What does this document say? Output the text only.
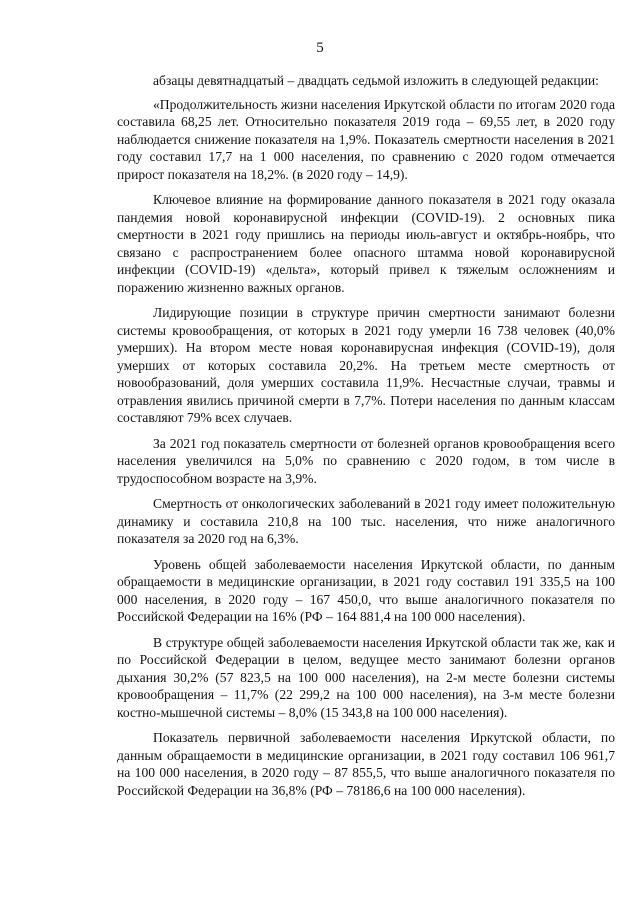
5

абзацы девятнадцатый – двадцать седьмой изложить в следующей редакции:

«Продолжительность жизни населения Иркутской области по итогам 2020 года составила 68,25 лет. Относительно показателя 2019 года – 69,55 лет, в 2020 году наблюдается снижение показателя на 1,9%. Показатель смертности населения в 2021 году составил 17,7 на 1 000 населения, по сравнению с 2020 годом отмечается прирост показателя на 18,2%. (в 2020 году – 14,9).

Ключевое влияние на формирование данного показателя в 2021 году оказала пандемия новой коронавирусной инфекции (COVID-19). 2 основных пика смертности в 2021 году пришлись на периоды июль-август и октябрь-ноябрь, что связано с распространением более опасного штамма новой коронавирусной инфекции (COVID-19) «дельта», который привел к тяжелым осложнениям и поражению жизненно важных органов.

Лидирующие позиции в структуре причин смертности занимают болезни системы кровообращения, от которых в 2021 году умерли 16 738 человек (40,0% умерших). На втором месте новая коронавирусная инфекция (COVID-19), доля умерших от которых составила 20,2%. На третьем месте смертность от новообразований, доля умерших составила 11,9%. Несчастные случаи, травмы и отравления явились причиной смерти в 7,7%. Потери населения по данным классам составляют 79% всех случаев.

За 2021 год показатель смертности от болезней органов кровообращения всего населения увеличился на 5,0% по сравнению с 2020 годом, в том числе в трудоспособном возрасте на 3,9%.

Смертность от онкологических заболеваний в 2021 году имеет положительную динамику и составила 210,8 на 100 тыс. населения, что ниже аналогичного показателя за 2020 год на 6,3%.

Уровень общей заболеваемости населения Иркутской области, по данным обращаемости в медицинские организации, в 2021 году составил 191 335,5 на 100 000 населения, в 2020 году – 167 450,0, что выше аналогичного показателя по Российской Федерации на 16% (РФ – 164 881,4 на 100 000 населения).

В структуре общей заболеваемости населения Иркутской области так же, как и по Российской Федерации в целом, ведущее место занимают болезни органов дыхания 30,2% (57 823,5 на 100 000 населения), на 2-м месте болезни системы кровообращения – 11,7% (22 299,2 на 100 000 населения), на 3-м месте болезни костно-мышечной системы – 8,0% (15 343,8 на 100 000 населения).

Показатель первичной заболеваемости населения Иркутской области, по данным обращаемости в медицинские организации, в 2021 году составил 106 961,7 на 100 000 населения, в 2020 году – 87 855,5, что выше аналогичного показателя по Российской Федерации на 36,8% (РФ – 78186,6 на 100 000 населения).
